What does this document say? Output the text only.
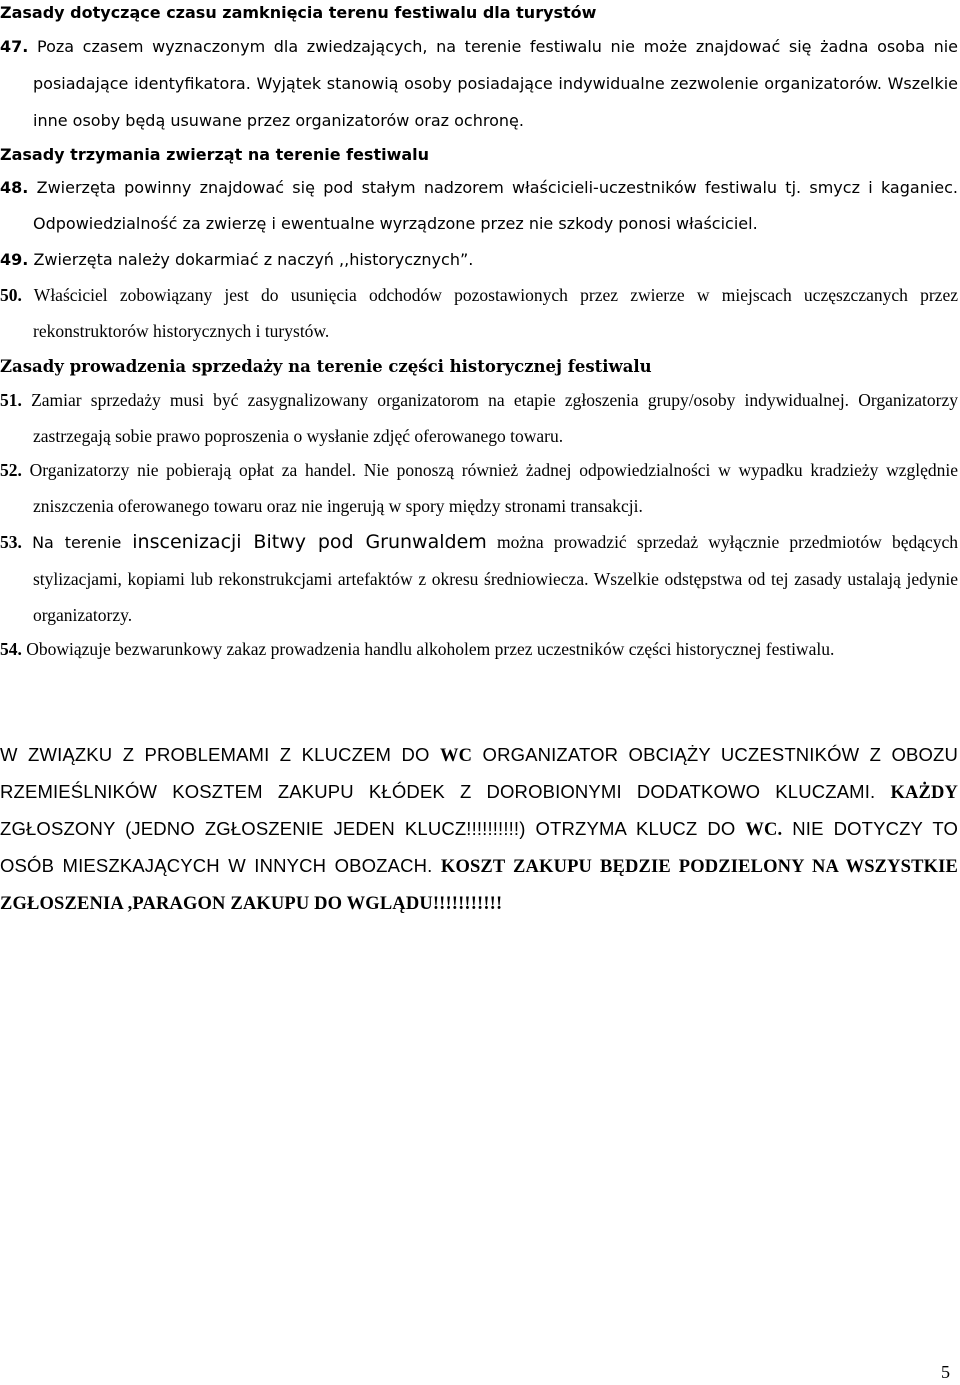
Zasady dotyczące czasu zamknięcia terenu festiwalu dla turystów
47. Poza czasem wyznaczonym dla zwiedzających, na terenie festiwalu nie może znajdować się żadna osoba nie posiadające identyfikatora. Wyjątek stanowią osoby posiadające indywidualne zezwolenie organizatorów. Wszelkie inne osoby będą usuwane przez organizatorów oraz ochronę.
Zasady trzymania zwierząt na terenie festiwalu
48. Zwierzęta powinny znajdować się pod stałym nadzorem właścicieli-uczestników festiwalu tj. smycz i kaganiec. Odpowiedzialność za zwierzę i ewentualne wyrządzone przez nie szkody ponosi właściciel.
49. Zwierzęta należy dokarmiać z naczyń ,,historycznych”.
50. Właściciel zobowiązany jest do usunięcia odchodów pozostawionych przez zwierze w miejscach uczęszczanych przez rekonstruktorów historycznych i turystów.
Zasady prowadzenia sprzedaży na terenie części historycznej festiwalu
51. Zamiar sprzedaży musi być zasygnalizowany organizatorom na etapie zgłoszenia grupy/osoby indywidualnej. Organizatorzy zastrzegają sobie prawo poproszenia o wysłanie zdjęć oferowanego towaru.
52. Organizatorzy nie pobierają opłat za handel. Nie ponoszą również żadnej odpowiedzialności w wypadku kradzieży względnie zniszczenia oferowanego towaru oraz nie ingerują w spory między stronami transakcji.
53. Na terenie inscenizacji Bitwy pod Grunwaldem można prowadzić sprzedaż wyłącznie przedmiotów będących stylizacjami, kopiami lub rekonstrukcjami artefaktów z okresu średniowiecza. Wszelkie odstępstwa od tej zasady ustalają jedynie organizatorzy.
54. Obowiązuje bezwarunkowy zakaz prowadzenia handlu alkoholem przez uczestników części historycznej festiwalu.
W ZWIĄZKU Z PROBLEMAMI Z KLUCZEM DO WC ORGANIZATOR OBCIĄŻY UCZESTNIKÓW Z OBOZU RZEMIEŚLNIKÓW KOSZTEM ZAKUPU KŁÓDEK Z DOROBIONYMI DODATKOWO KLUCZAMI. KAŻDY ZGŁOSZONY (JEDNO ZGŁOSZENIE JEDEN KLUCZ!!!!!!!!!!) OTRZYMA KLUCZ DO WC. NIE DOTYCZY TO OSÓB MIESZKAJĄCYCH W INNYCH OBOZACH. KOSZT ZAKUPU BĘDZIE PODZIELONY NA WSZYSTKIE ZGŁOSZENIA ,PARAGON ZAKUPU DO WGLĄDU!!!!!!!!!!!
5
